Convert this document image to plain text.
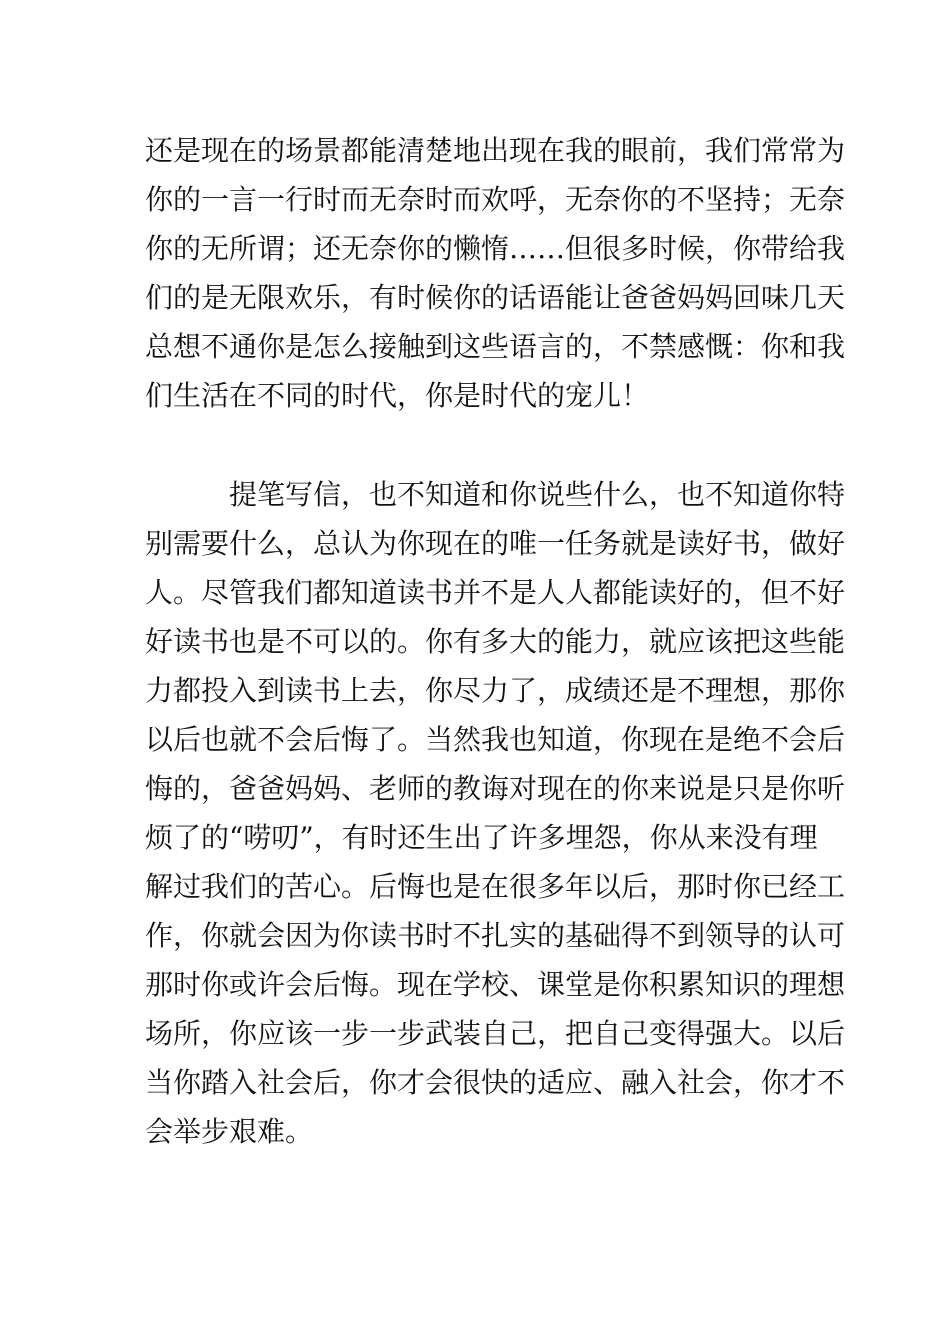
还是现在的场景都能清楚地出现在我的眼前，我们常常为
你的一言一行时而无奈时而欢呼，无奈你的不坚持；无奈
你的无所谓；还无奈你的懒惰……但很多时候，你带给我
们的是无限欢乐，有时候你的话语能让爸爸妈妈回味几天
总想不通你是怎么接触到这些语言的，不禁感慨：你和我
们生活在不同的时代，你是时代的宠儿！

提笔写信，也不知道和你说些什么，也不知道你特
别需要什么，总认为你现在的唯一任务就是读好书，做好
人。尽管我们都知道读书并不是人人都能读好的，但不好
好读书也是不可以的。你有多大的能力，就应该把这些能
力都投入到读书上去，你尽力了，成绩还是不理想，那你
以后也就不会后悔了。当然我也知道，你现在是绝不会后
悔的，爸爸妈妈、老师的教诲对现在的你来说是只是你听
烦了的“唠叨”，有时还生出了许多埋怨，你从来没有理
解过我们的苦心。后悔也是在很多年以后，那时你已经工
作，你就会因为你读书时不扎实的基础得不到领导的认可
那时你或许会后悔。现在学校、课堂是你积累知识的理想
场所，你应该一步一步武装自己，把自己变得强大。以后
当你踏入社会后，你才会很快的适应、融入社会，你才不
会举步艰难。
